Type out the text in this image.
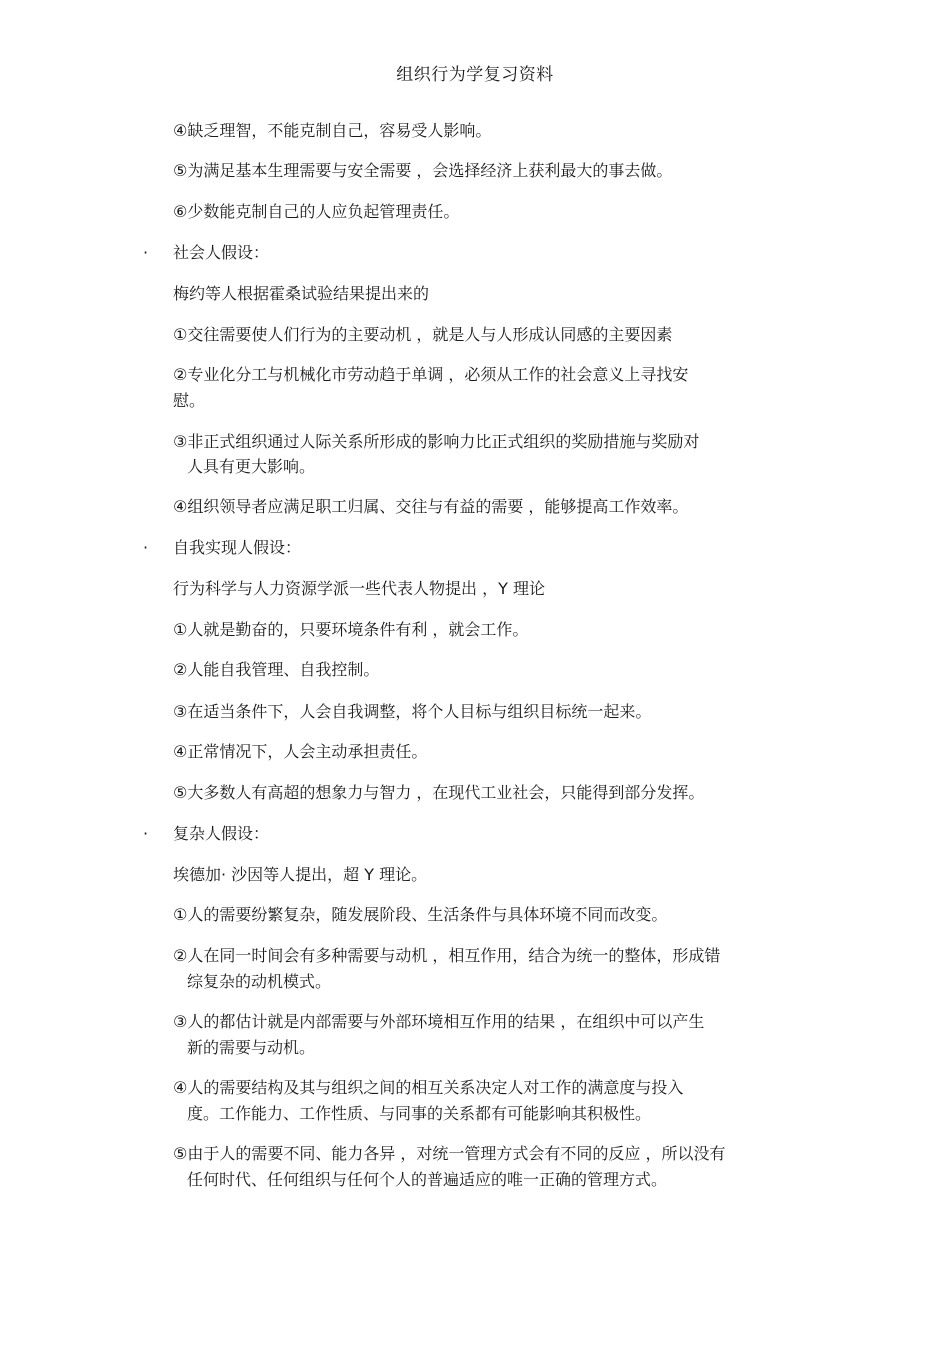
组织行为学复习资料
④缺乏理智，不能克制自己，容易受人影响。
⑤为满足基本生理需要与安全需要 ，会选择经济上获利最大的事去做。
⑥少数能克制自己的人应负起管理责任。
· 社会人假设：
梅约等人根据霍桑试验结果提出来的
①交往需要使人们行为的主要动机 ，就是人与人形成认同感的主要因素
②专业化分工与机械化市劳动趋于单调 ，必须从工作的社会意义上寻找安
慰。
③非正式组织通过人际关系所形成的影响力比正式组织的奖励措施与奖励对
人具有更大影响。
④组织领导者应满足职工归属、交往与有益的需要 ，能够提高工作效率。
· 自我实现人假设：
行为科学与人力资源学派一些代表人物提出 ，Y 理论
①人就是勤奋的，只要环境条件有利 ，就会工作。
②人能自我管理、自我控制。
③在适当条件下，人会自我调整，将个人目标与组织目标统一起来。
④正常情况下，人会主动承担责任。
⑤大多数人有高超的想象力与智力 ，在现代工业社会，只能得到部分发挥。
· 复杂人假设：
埃德加· 沙因等人提出，超 Y 理论。
①人的需要纷繁复杂，随发展阶段、生活条件与具体环境不同而改变。
②人在同一时间会有多种需要与动机 ，相互作用，结合为统一的整体，形成错
综复杂的动机模式。
③人的都估计就是内部需要与外部环境相互作用的结果 ，在组织中可以产生
新的需要与动机。
④人的需要结构及其与组织之间的相互关系决定人对工作的满意度与投入
度。工作能力、工作性质、与同事的关系都有可能影响其积极性。
⑤由于人的需要不同、能力各异 ，对统一管理方式会有不同的反应 ，所以没有
任何时代、任何组织与任何个人的普遍适应的唯一正确的管理方式。
